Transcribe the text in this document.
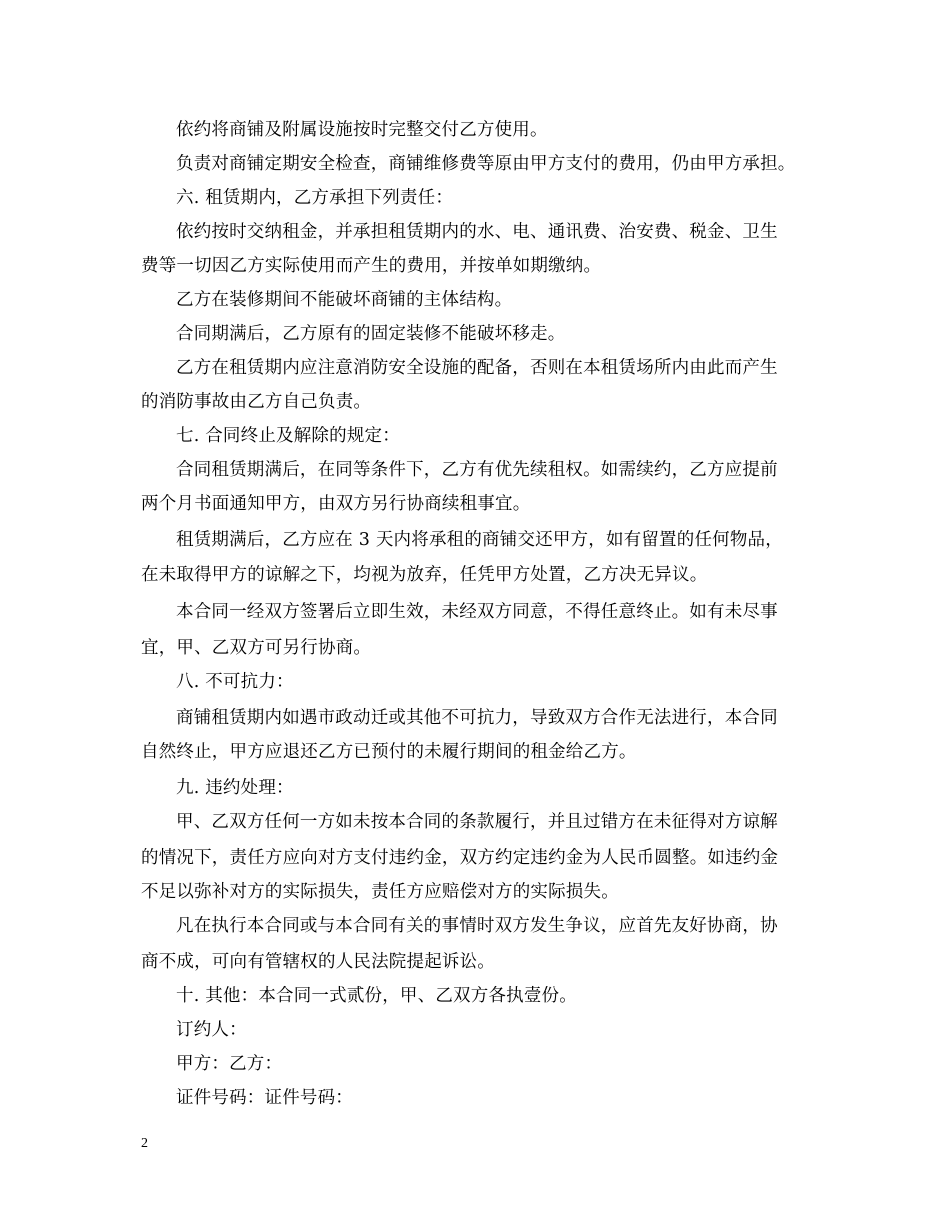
依约将商铺及附属设施按时完整交付乙方使用。
负责对商铺定期安全检查，商铺维修费等原由甲方支付的费用，仍由甲方承担。
六. 租赁期内，乙方承担下列责任：
依约按时交纳租金，并承担租赁期内的水、电、通讯费、治安费、税金、卫生
费等一切因乙方实际使用而产生的费用，并按单如期缴纳。
乙方在装修期间不能破坏商铺的主体结构。
合同期满后，乙方原有的固定装修不能破坏移走。
乙方在租赁期内应注意消防安全设施的配备，否则在本租赁场所内由此而产生
的消防事故由乙方自己负责。
七. 合同终止及解除的规定：
合同租赁期满后，在同等条件下，乙方有优先续租权。如需续约，乙方应提前
两个月书面通知甲方，由双方另行协商续租事宜。
租赁期满后，乙方应在 3 天内将承租的商铺交还甲方，如有留置的任何物品，
在未取得甲方的谅解之下，均视为放弃，任凭甲方处置，乙方决无异议。
本合同一经双方签署后立即生效，未经双方同意，不得任意终止。如有未尽事
宜，甲、乙双方可另行协商。
八. 不可抗力：
商铺租赁期内如遇市政动迁或其他不可抗力，导致双方合作无法进行，本合同
自然终止，甲方应退还乙方已预付的未履行期间的租金给乙方。
九. 违约处理：
甲、乙双方任何一方如未按本合同的条款履行，并且过错方在未征得对方谅解
的情况下，责任方应向对方支付违约金，双方约定违约金为人民币圆整。如违约金
不足以弥补对方的实际损失，责任方应赔偿对方的实际损失。
凡在执行本合同或与本合同有关的事情时双方发生争议，应首先友好协商，协
商不成，可向有管辖权的人民法院提起诉讼。
十. 其他：本合同一式贰份，甲、乙双方各执壹份。
订约人：
甲方：乙方：
证件号码：证件号码：
2
